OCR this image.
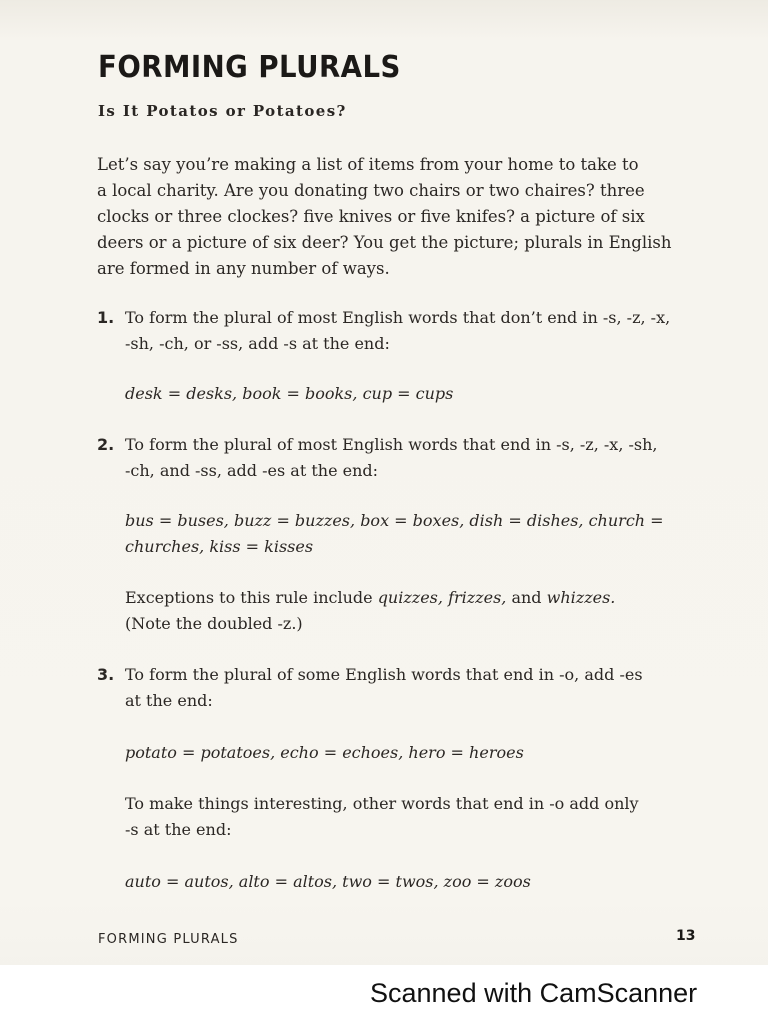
FORMING PLURALS
Is It Potatos or Potatoes?
Let’s say you’re making a list of items from your home to take to
a local charity. Are you donating two chairs or two chaires? three
clocks or three clockes? five knives or five knifes? a picture of six
deers or a picture of six deer? You get the picture; plurals in English
are formed in any number of ways.
1. To form the plural of most English words that don’t end in -s, -z, -x,
-sh, -ch, or -ss, add -s at the end:
desk = desks, book = books, cup = cups
2. To form the plural of most English words that end in -s, -z, -x, -sh,
-ch, and -ss, add -es at the end:
bus = buses, buzz = buzzes, box = boxes, dish = dishes, church =
churches, kiss = kisses
Exceptions to this rule include quizzes, frizzes, and whizzes.
(Note the doubled -z.)
3. To form the plural of some English words that end in -o, add -es
at the end:
potato = potatoes, echo = echoes, hero = heroes
To make things interesting, other words that end in -o add only
-s at the end:
auto = autos, alto = altos, two = twos, zoo = zoos
FORMING PLURALS	13
Scanned with CamScanner
